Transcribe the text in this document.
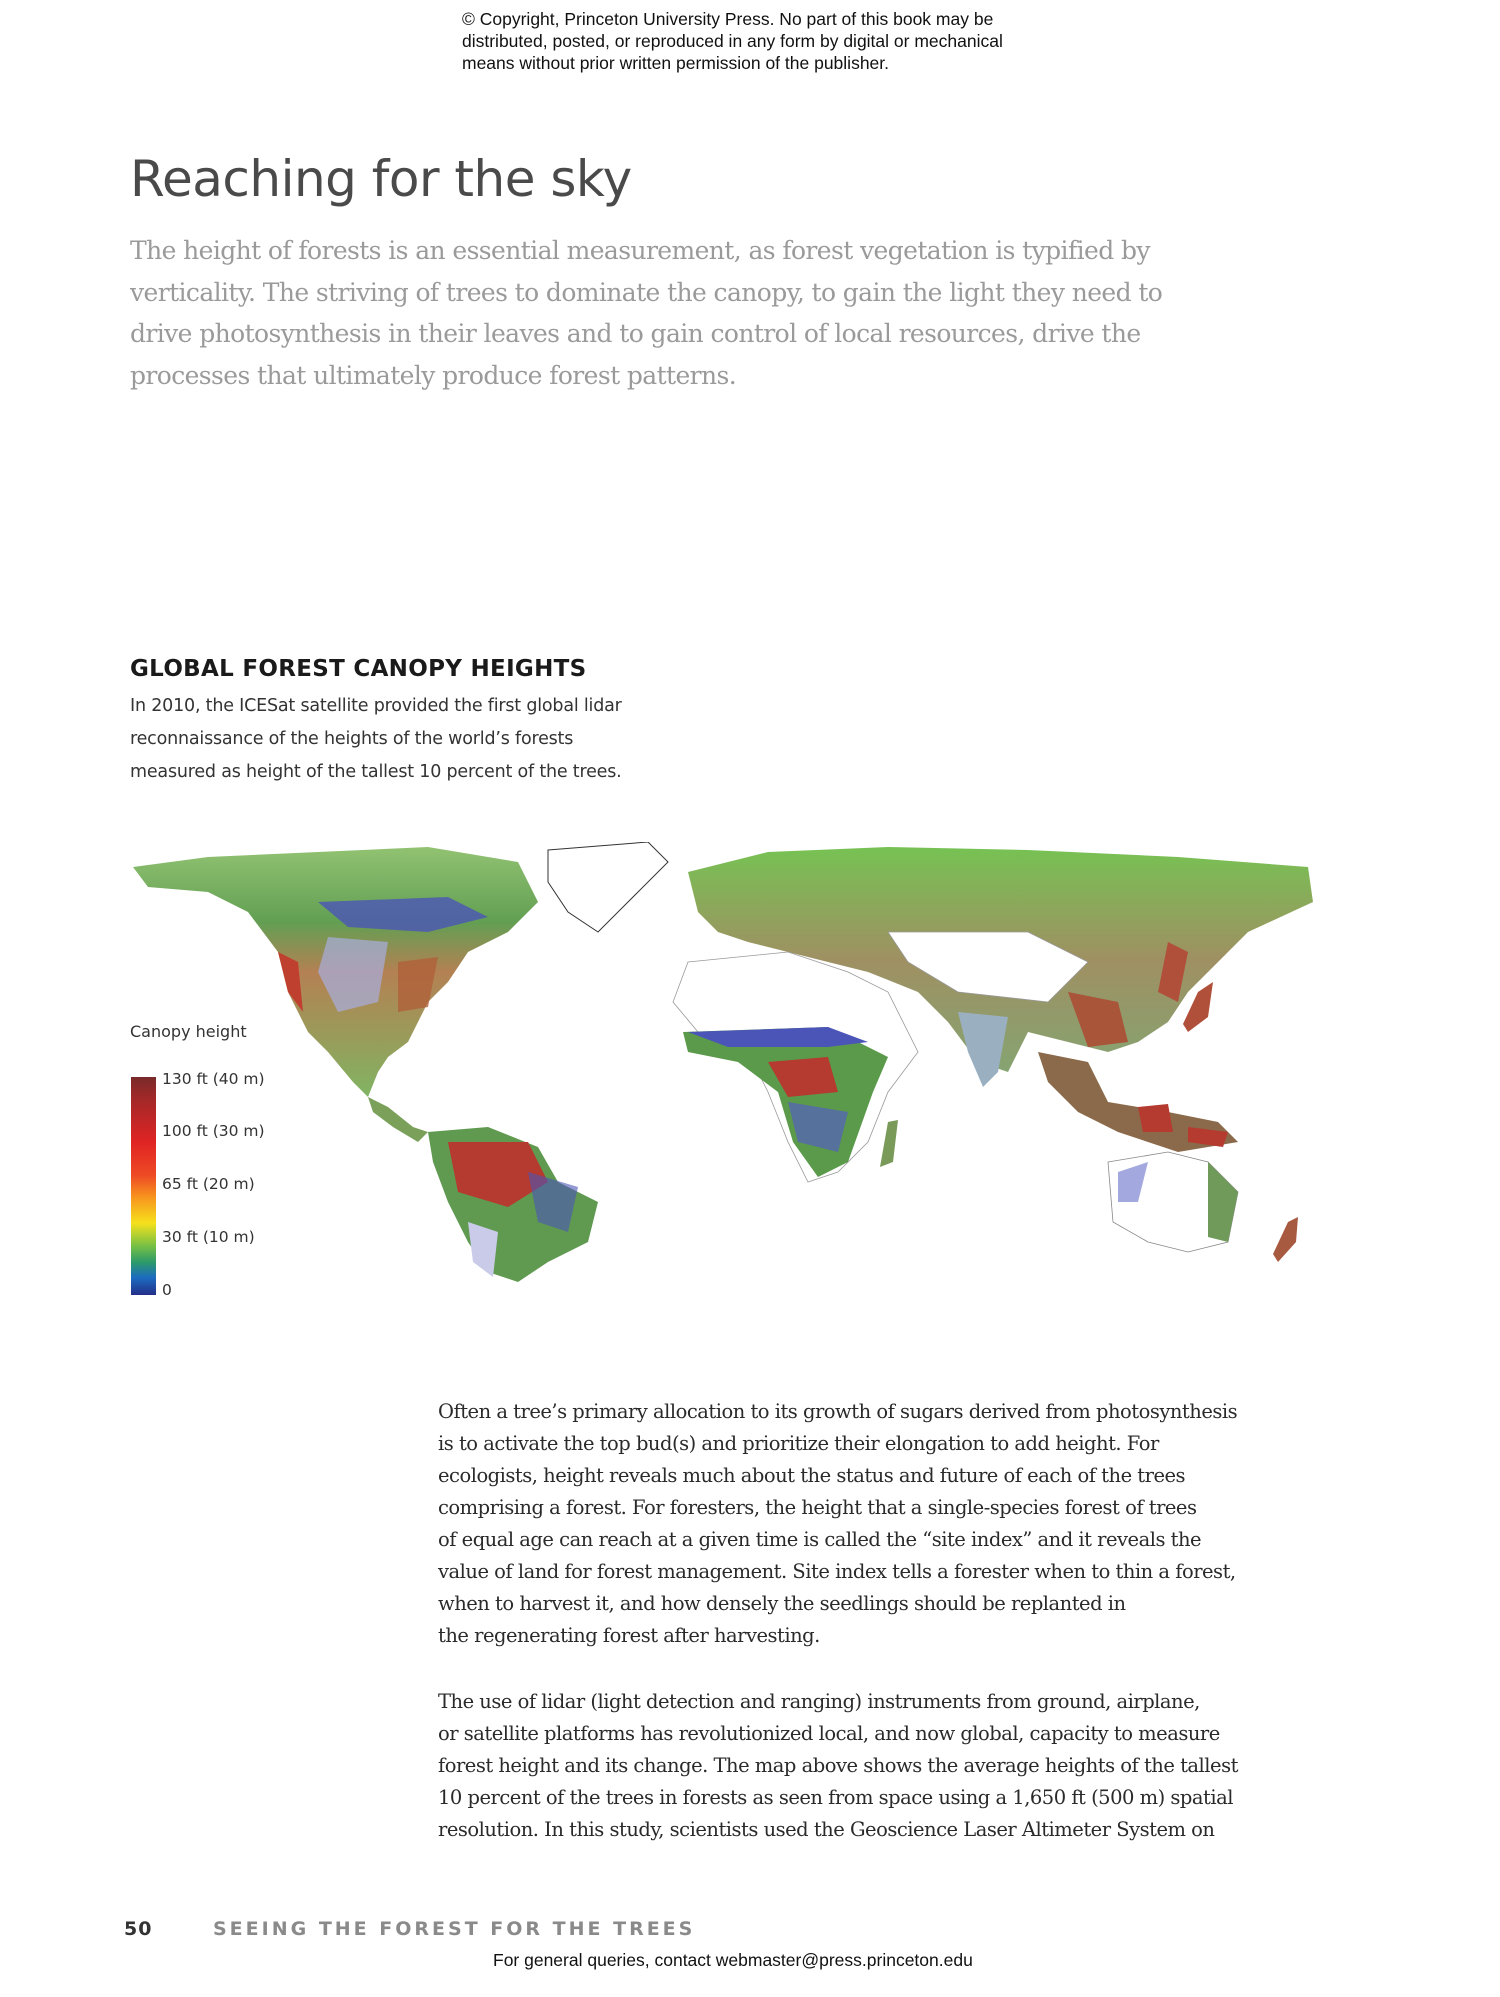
© Copyright, Princeton University Press. No part of this book may be
distributed, posted, or reproduced in any form by digital or mechanical
means without prior written permission of the publisher.
Reaching for the sky
The height of forests is an essential measurement, as forest vegetation is typified by
verticality. The striving of trees to dominate the canopy, to gain the light they need to
drive photosynthesis in their leaves and to gain control of local resources, drive the
processes that ultimately produce forest patterns.
GLOBAL FOREST CANOPY HEIGHTS
In 2010, the ICESat satellite provided the first global lidar
reconnaissance of the heights of the world’s forests
measured as height of the tallest 10 percent of the trees.
Canopy height
130 ft (40 m)
100 ft (30 m)
65 ft (20 m)
30 ft (10 m)
0
Often a tree’s primary allocation to its growth of sugars derived from photosynthesis
is to activate the top bud(s) and prioritize their elongation to add height. For
ecologists, height reveals much about the status and future of each of the trees
comprising a forest. For foresters, the height that a single-species forest of trees
of equal age can reach at a given time is called the “site index” and it reveals the
value of land for forest management. Site index tells a forester when to thin a forest,
when to harvest it, and how densely the seedlings should be replanted in
the regenerating forest after harvesting.
The use of lidar (light detection and ranging) instruments from ground, airplane,
or satellite platforms has revolutionized local, and now global, capacity to measure
forest height and its change. The map above shows the average heights of the tallest
10 percent of the trees in forests as seen from space using a 1,650 ft (500 m) spatial
resolution. In this study, scientists used the Geoscience Laser Altimeter System on
50	SEEING THE FOREST FOR THE TREES
For general queries, contact webmaster@press.princeton.edu
